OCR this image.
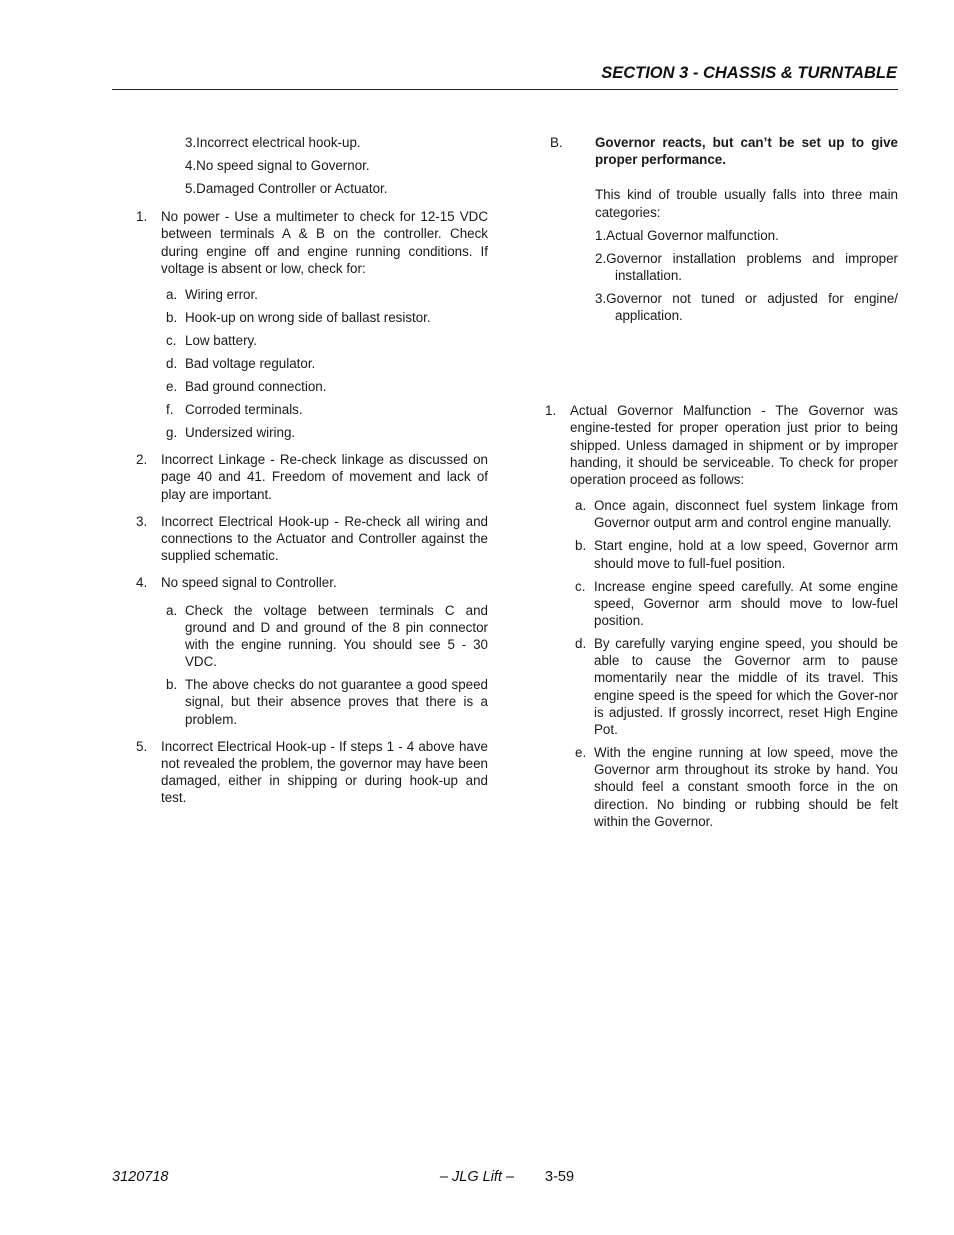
SECTION 3 - CHASSIS & TURNTABLE
3.Incorrect electrical hook-up.
4.No speed signal to Governor.
5.Damaged Controller or Actuator.
1.	No power - Use a multimeter to check for 12-15 VDC between terminals A & B on the controller. Check during engine off and engine running conditions. If voltage is absent or low, check for:
a. Wiring error.
b. Hook-up on wrong side of ballast resistor.
c. Low battery.
d. Bad voltage regulator.
e. Bad ground connection.
f. Corroded terminals.
g. Undersized wiring.
2.	Incorrect Linkage - Re-check linkage as discussed on page 40 and 41. Freedom of movement and lack of play are important.
3.	Incorrect Electrical Hook-up - Re-check all wiring and connections to the Actuator and Controller against the supplied schematic.
4.	No speed signal to Controller.
a. Check the voltage between terminals C and ground and D and ground of the 8 pin connector with the engine running. You should see 5 - 30 VDC.
b. The above checks do not guarantee a good speed signal, but their absence proves that there is a problem.
5.	Incorrect Electrical Hook-up - If steps 1 - 4 above have not revealed the problem, the governor may have been damaged, either in shipping or during hook-up and test.
B.	Governor reacts, but can’t be set up to give proper performance.

This kind of trouble usually falls into three main categories:

1.Actual Governor malfunction.
2.Governor installation problems and improper installation.
3.Governor not tuned or adjusted for engine/ application.
1.	Actual Governor Malfunction - The Governor was engine-tested for proper operation just prior to being shipped. Unless damaged in shipment or by improper handing, it should be serviceable. To check for proper operation proceed as follows:
a. Once again, disconnect fuel system linkage from Governor output arm and control engine manually.
b. Start engine, hold at a low speed, Governor arm should move to full-fuel position.
c. Increase engine speed carefully. At some engine speed, Governor arm should move to low-fuel position.
d. By carefully varying engine speed, you should be able to cause the Governor arm to pause momentarily near the middle of its travel. This engine speed is the speed for which the Gover-nor is adjusted. If grossly incorrect, reset High Engine Pot.
e. With the engine running at low speed, move the Governor arm throughout its stroke by hand. You should feel a constant smooth force in the on direction. No binding or rubbing should be felt within the Governor.
3120718	– JLG Lift –	3-59
